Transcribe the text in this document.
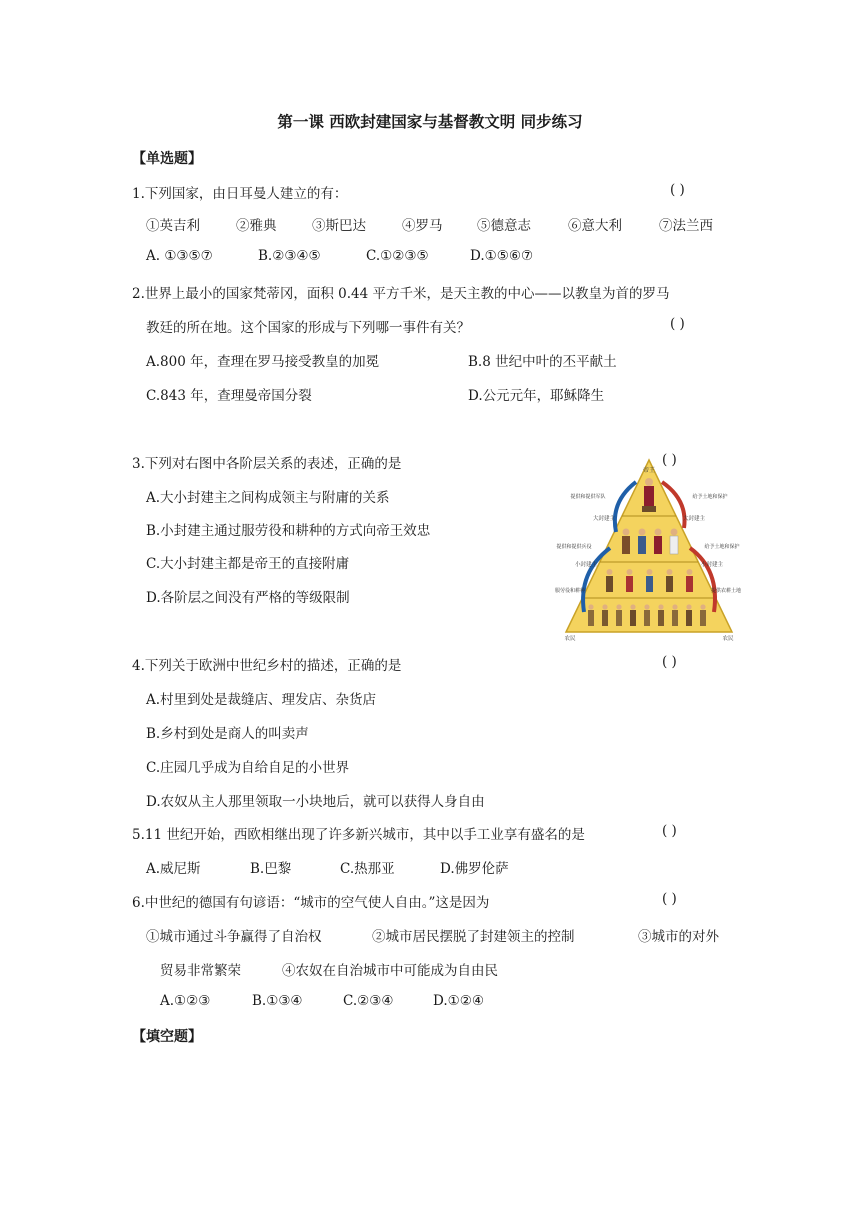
第一课 西欧封建国家与基督教文明 同步练习
【单选题】
1.下列国家，由日耳曼人建立的有：	( )
①英吉利	②雅典	③斯巴达	④罗马	⑤德意志	⑥意大利	⑦法兰西
A. ①③⑤⑦	B.②③④⑤	C.①②③⑤	D.①⑤⑥⑦
2.世界上最小的国家梵蒂冈，面积 0.44 平方千米，是天主教的中心——以教皇为首的罗马
教廷的所在地。这个国家的形成与下列哪一事件有关？	( )
A.800 年，查理在罗马接受教皇的加冕	B.8 世纪中叶的丕平献土
C.843 年，查理曼帝国分裂	D.公元元年，耶稣降生
3.下列对右图中各阶层关系的表述，正确的是	( )
A.大小封建主之间构成领主与附庸的关系
B.小封建主通过服劳役和耕种的方式向帝王效忠
C.大小封建主都是帝王的直接附庸
D.各阶层之间没有严格的等级限制
帝王
大封建主	大封建主
小封建主	小封建主
农民	农民
提供和提供军队
提供和提供兵役
服劳役和耕种
给予土地和保护
给予土地和保护
提供农耕土地
4.下列关于欧洲中世纪乡村的描述，正确的是	( )
A.村里到处是裁缝店、理发店、杂货店
B.乡村到处是商人的叫卖声
C.庄园几乎成为自给自足的小世界
D.农奴从主人那里领取一小块地后，就可以获得人身自由
5.11 世纪开始，西欧相继出现了许多新兴城市，其中以手工业享有盛名的是	( )
A.威尼斯	B.巴黎	C.热那亚	D.佛罗伦萨
6.中世纪的德国有句谚语：“城市的空气使人自由。”这是因为	( )
①城市通过斗争赢得了自治权	②城市居民摆脱了封建领主的控制	③城市的对外
贸易非常繁荣	④农奴在自治城市中可能成为自由民
A.①②③	B.①③④	C.②③④	D.①②④
【填空题】
